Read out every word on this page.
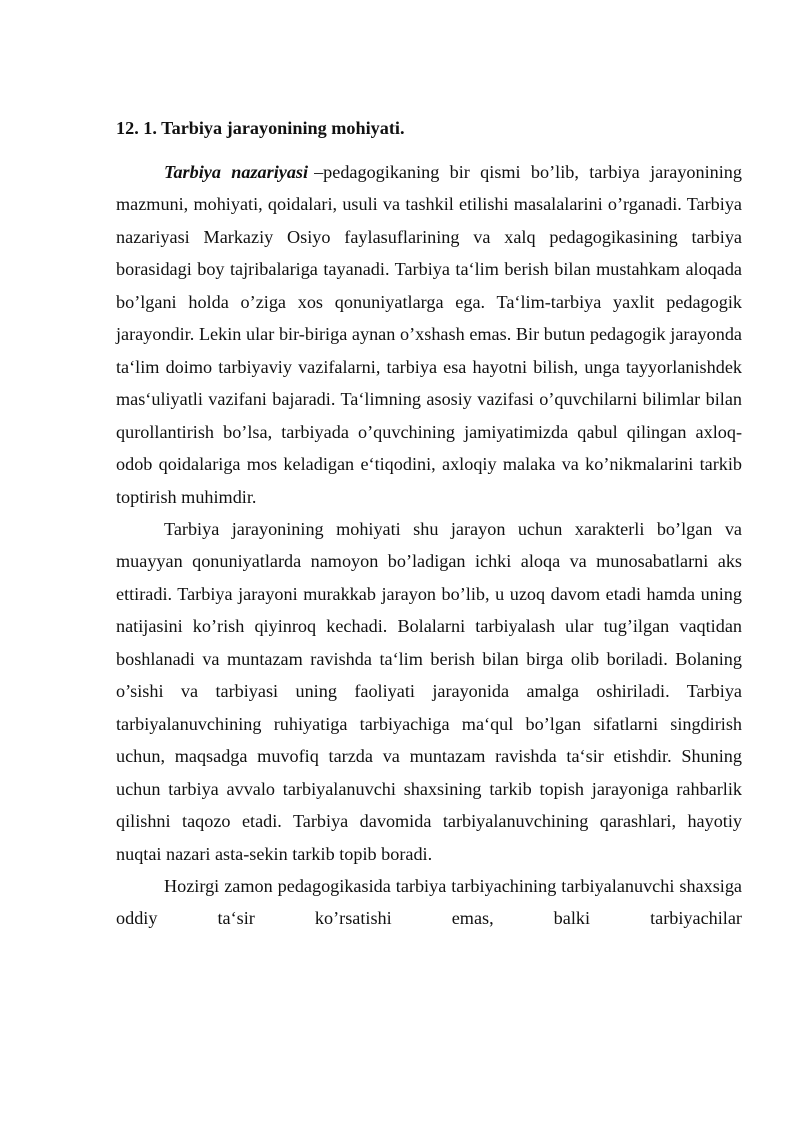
12. 1. Tarbiya jarayonining mohiyati.

Tarbiya nazariyasi –pedagogikaning bir qismi bo’lib, tarbiya jarayonining mazmuni, mohiyati, qoidalari, usuli va tashkil etilishi masalalarini o’rganadi. Tarbiya nazariyasi Markaziy Osiyo faylasuflarining va xalq pedagogikasining tarbiya borasidagi boy tajribalariga tayanadi. Tarbiya ta‘lim berish bilan mustahkam aloqada bo’lgani holda o’ziga xos qonuniyatlarga ega. Ta‘lim-tarbiya yaxlit pedagogik jarayondir. Lekin ular bir-biriga aynan o’xshash emas. Bir butun pedagogik jarayonda ta‘lim doimo tarbiyaviy vazifalarni, tarbiya esa hayotni bilish, unga tayyorlanishdek mas‘uliyatli vazifani bajaradi. Ta‘limning asosiy vazifasi o’quvchilarni bilimlar bilan qurollantirish bo’lsa, tarbiyada o’quvchining jamiyatimizda qabul qilingan axloq-odob qoidalariga mos keladigan e‘tiqodini, axloqiy malaka va ko’nikmalarini tarkib toptirish muhimdir.

Tarbiya jarayonining mohiyati shu jarayon uchun xarakterli bo’lgan va muayyan qonuniyatlarda namoyon bo’ladigan ichki aloqa va munosabatlarni aks ettiradi. Tarbiya jarayoni murakkab jarayon bo’lib, u uzoq davom etadi hamda uning natijasini ko’rish qiyinroq kechadi. Bolalarni tarbiyalash ular tug’ilgan vaqtidan boshlanadi va muntazam ravishda ta‘lim berish bilan birga olib boriladi. Bolaning o’sishi va tarbiyasi uning faoliyati jarayonida amalga oshiriladi. Tarbiya tarbiyalanuvchining ruhiyatiga tarbiyachiga ma‘qul bo’lgan sifatlarni singdirish uchun, maqsadga muvofiq tarzda va muntazam ravishda ta‘sir etishdir. Shuning uchun tarbiya avvalo tarbiyalanuvchi shaxsining tarkib topish jarayoniga rahbarlik qilishni taqozo etadi. Tarbiya davomida tarbiyalanuvchining qarashlari, hayotiy nuqtai nazari asta-sekin tarkib topib boradi.

Hozirgi zamon pedagogikasida tarbiya tarbiyachining tarbiyalanuvchi shaxsiga oddiy ta‘sir ko’rsatishi emas, balki tarbiyachilar
